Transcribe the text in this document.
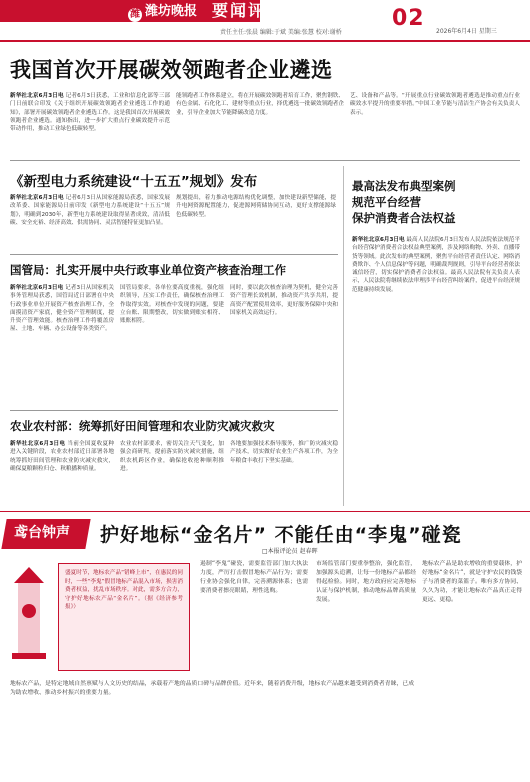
潍 潍坊晚报 要闻评论	02
责任主任:张晨 编辑:于斌 美编:张慧 校对:谢桥	2026年6月4日 星期三
我国首次开展碳效领跑者企业遴选
新华社北京6月3日电 记者6月3日获悉，工业和信息化部等三部门日前联合印发《关于组织开展碳效领跑者企业遴选工作的通知》，部署开展碳效领跑者企业遴选工作。这是我国首次开展碳效领跑者企业遴选。通知指出，进一步扩大重点行业碳效提升示范带动作用，推动工业绿色低碳转型。
能领跑者工作体系建立，将在开展碳效领跑者培育工作，聚焦钢铁、有色金属、石化化工、建材等重点行业，择优遴选一批碳效领跑者企业，引导企业加大节能降碳改造力度。
艺、设备和产品等。“开展重点行业碳效领跑者遴选是推动重点行业碳效水平提升的重要举措。”中国工业节能与清洁生产协会有关负责人表示。
《新型电力系统建设“十五五”规划》发布
新华社北京6月3日电 记者6月3日从国家能源局获悉，国家发展改革委、国家能源局日前印发《新型电力系统建设“十五五”规划》，明确到2030年，新型电力系统建设取得显著成效，清洁低碳、安全充裕、经济高效、供需协同、灵活智能特征更加凸显。
规划提出，着力推动电源结构优化调整，加快建设新型储能，提升电网资源配置能力，促进源网荷储协同互动，更好支撑能源绿色低碳转型。
最高法发布典型案例
规范平台经营
保护消费者合法权益
新华社北京6月3日电 最高人民法院6月3日发布人民法院依法规范平台经营保护消费者合法权益典型案例，涉及网络购物、外卖、直播带货等领域。此次发布的典型案例，聚焦平台经营者责任认定、网络消费欺诈、个人信息保护等问题，明确裁判规则，引导平台经营者依法诚信经营，切实保护消费者合法权益。最高人民法院有关负责人表示，人民法院将继续依法审理涉平台经营纠纷案件，促进平台经济规范健康持续发展。
国管局：扎实开展中央行政事业单位资产核查治理工作
新华社北京6月3日电 记者3日从国家机关事务管理局获悉，国管局近日部署在中央行政事业单位开展资产核查治理工作，全面摸清资产家底，健全资产管理制度，提升资产管理效能。核查治理工作将覆盖房屋、土地、车辆、办公设备等各类资产。
国管局要求，各单位要高度重视，强化组织领导，压实工作责任，确保核查治理工作取得实效。对核查中发现的问题，要建立台账、限期整改，切实做到账实相符、账账相符。
同时，要以此次核查治理为契机，健全完善资产管理长效机制，推动资产共享共用，提高资产配置使用效率，更好服务保障中央和国家机关高效运行。
农业农村部：统筹抓好田间管理和农业防灾减灾救灾
新华社北京6月3日电 当前全国夏收夏种进入关键阶段，农业农村部近日部署各地统筹抓好田间管理和农业防灾减灾救灾，确保夏粮颗粒归仓、秋粮播种质量。
农业农村部要求，密切关注天气变化，加强会商研判，提前落实防灾减灾措施，组织农机跨区作业，确保抢收抢种顺利推进。
各地要加强技术指导服务，推广防灾减灾稳产技术，切实做好农业生产各项工作，为全年粮食丰收打下坚实基础。
鸢台钟声 护好地标“金名片” 不能任由“李鬼”碰瓷
□本报评论员 赵春晖
盛夏时节，地标农产品“错峰上市”，在惠民的同时，一些“李鬼”假冒地标产品混入市场，损害消费者权益，扰乱市场秩序。对此，需多方合力，守护好地标农产品“金名片”。（据《经济参考报》）
遏制“李鬼”碰瓷，需要监管部门加大执法力度，严厉打击假冒地标产品行为；需要行业协会强化自律，完善溯源体系；也需要消费者擦亮眼睛，理性选购。
市场监管部门要重拳整治，强化监管，加强源头追溯，让每一份地标产品都经得起检验。同时，地方政府应完善地标认证与保护机制，推动地标品牌高质量发展。
地标农产品是助农增收的重要载体，护好地标“金名片”，就是守护农民的钱袋子与消费者的菜篮子。唯有多方协同、久久为功，才能让地标农产品真正走得更远、更稳。
地标农产品，是特定地域自然禀赋与人文历史的结晶，承载着产地的品质口碑与品牌价值。近年来，随着消费升级，地标农产品越来越受到消费者青睐，已成为助农增收、推动乡村振兴的重要力量。
